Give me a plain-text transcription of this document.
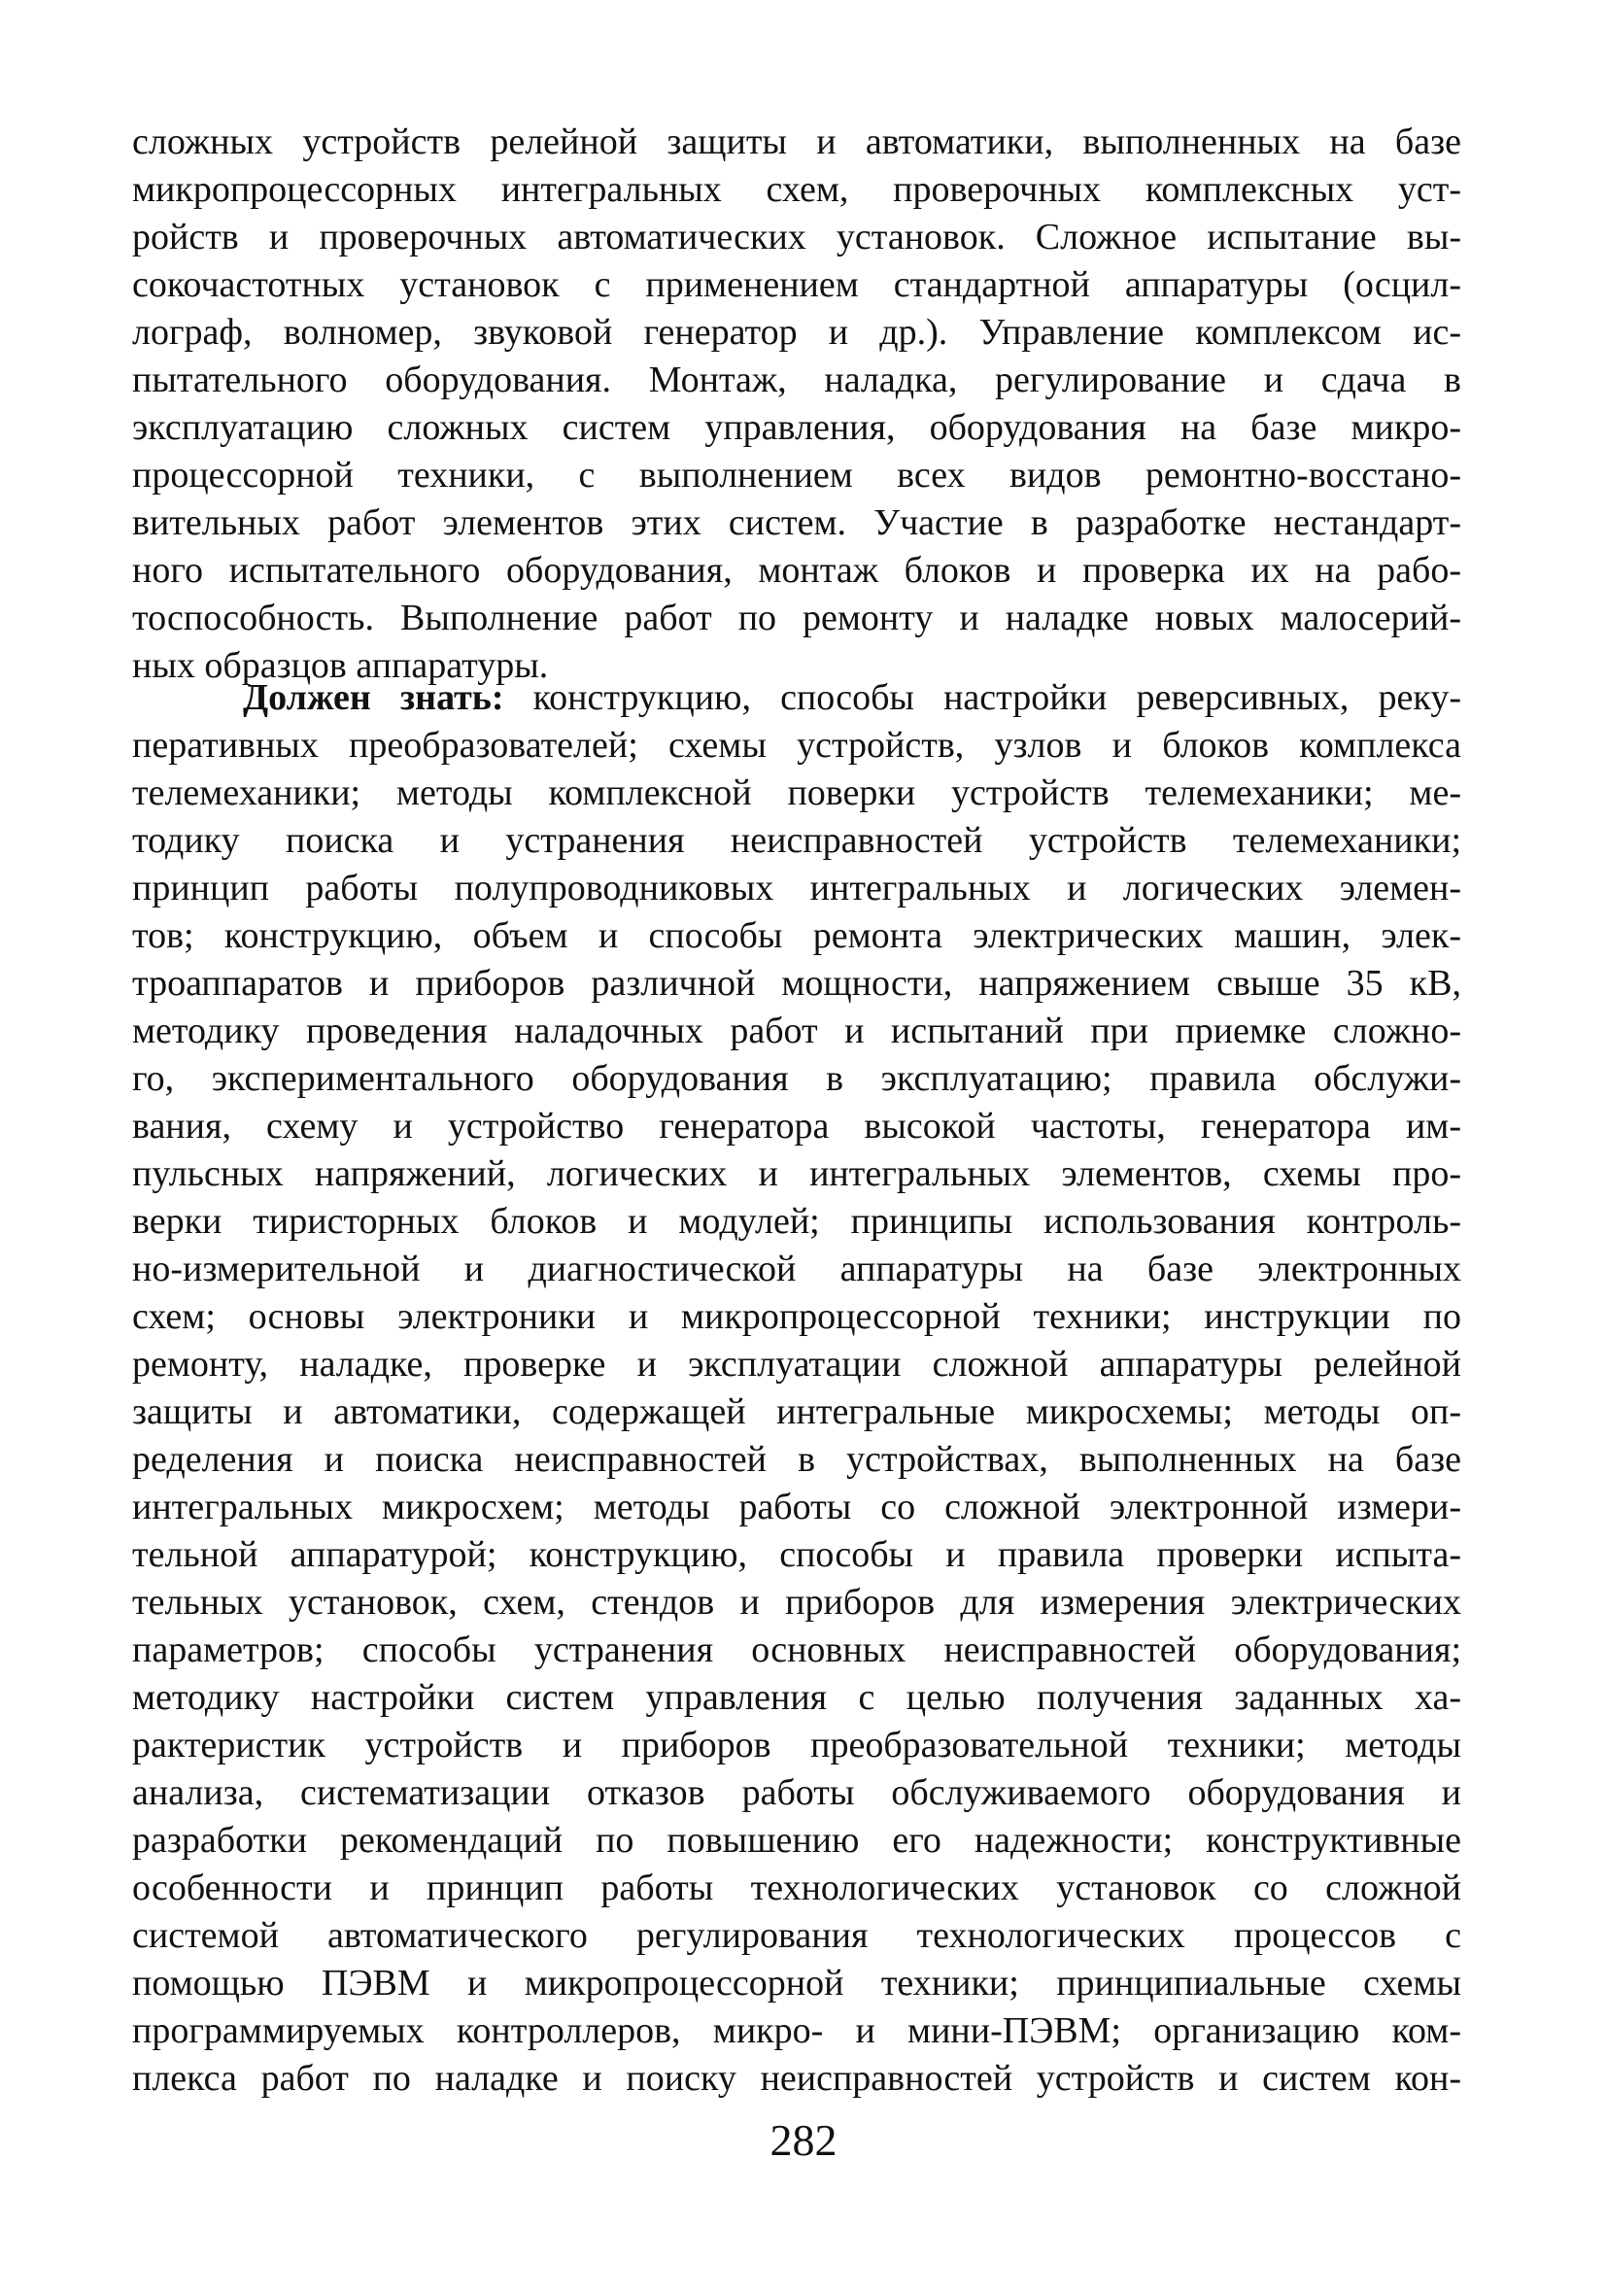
сложных устройств релейной защиты и автоматики, выполненных на базе
микропроцессорных интегральных схем, проверочных комплексных уст-
ройств и проверочных автоматических установок. Сложное испытание вы-
сокочастотных установок с применением стандартной аппаратуры (осцил-
лограф, волномер, звуковой генератор и др.). Управление комплексом ис-
пытательного оборудования. Монтаж, наладка, регулирование и сдача в
эксплуатацию сложных систем управления, оборудования на базе микро-
процессорной техники, с выполнением всех видов ремонтно-восстано-
вительных работ элементов этих систем. Участие в разработке нестандарт-
ного испытательного оборудования, монтаж блоков и проверка их на рабо-
тоспособность. Выполнение работ по ремонту и наладке новых малосерий-
ных образцов аппаратуры.
Должен знать: конструкцию, способы настройки реверсивных, реку-
перативных преобразователей; схемы устройств, узлов и блоков комплекса
телемеханики; методы комплексной поверки устройств телемеханики; ме-
тодику поиска и устранения неисправностей устройств телемеханики;
принцип работы полупроводниковых интегральных и логических элемен-
тов; конструкцию, объем и способы ремонта электрических машин, элек-
троаппаратов и приборов различной мощности, напряжением свыше 35 кВ,
методику проведения наладочных работ и испытаний при приемке сложно-
го, экспериментального оборудования в эксплуатацию; правила обслужи-
вания, схему и устройство генератора высокой частоты, генератора им-
пульсных напряжений, логических и интегральных элементов, схемы про-
верки тиристорных блоков и модулей; принципы использования контроль-
но-измерительной и диагностической аппаратуры на базе электронных
схем; основы электроники и микропроцессорной техники; инструкции по
ремонту, наладке, проверке и эксплуатации сложной аппаратуры релейной
защиты и автоматики, содержащей интегральные микросхемы; методы оп-
ределения и поиска неисправностей в устройствах, выполненных на базе
интегральных микросхем; методы работы со сложной электронной измери-
тельной аппаратурой; конструкцию, способы и правила проверки испыта-
тельных установок, схем, стендов и приборов для измерения электрических
параметров; способы устранения основных неисправностей оборудования;
методику настройки систем управления с целью получения заданных ха-
рактеристик устройств и приборов преобразовательной техники; методы
анализа, систематизации отказов работы обслуживаемого оборудования и
разработки рекомендаций по повышению его надежности; конструктивные
особенности и принцип работы технологических установок со сложной
системой автоматического регулирования технологических процессов с
помощью ПЭВМ и микропроцессорной техники; принципиальные схемы
программируемых контроллеров, микро- и мини-ПЭВМ; организацию ком-
плекса работ по наладке и поиску неисправностей устройств и систем кон-
282
